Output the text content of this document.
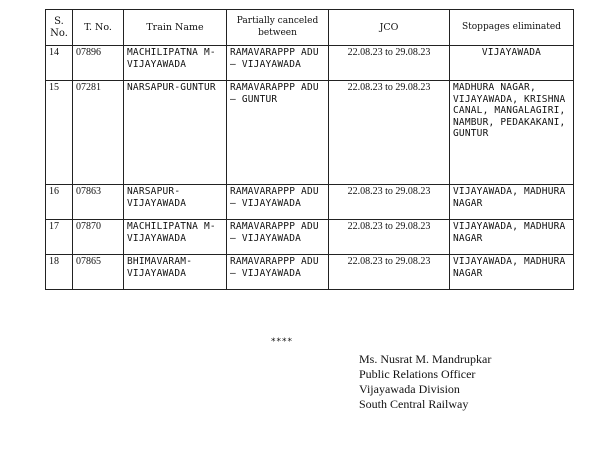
S. No.	T. No.	Train Name	Partially canceled between	JCO	Stoppages eliminated
14	07896	MACHILIPATNA M-VIJAYAWADA	RAMAVARAPPP ADU – VIJAYAWADA	22.08.23 to 29.08.23	VIJAYAWADA
15	07281	NARSAPUR-GUNTUR	RAMAVARAPPP ADU – GUNTUR	22.08.23 to 29.08.23	MADHURA NAGAR, VIJAYAWADA, KRISHNA CANAL, MANGALAGIRI, NAMBUR, PEDAKAKANI, GUNTUR
16	07863	NARSAPUR-VIJAYAWADA	RAMAVARAPPP ADU – VIJAYAWADA	22.08.23 to 29.08.23	VIJAYAWADA, MADHURA NAGAR
17	07870	MACHILIPATNA M-VIJAYAWADA	RAMAVARAPPP ADU – VIJAYAWADA	22.08.23 to 29.08.23	VIJAYAWADA, MADHURA NAGAR
18	07865	BHIMAVARAM-VIJAYAWADA	RAMAVARAPPP ADU – VIJAYAWADA	22.08.23 to 29.08.23	VIJAYAWADA, MADHURA NAGAR
****
Ms. Nusrat M. Mandrupkar
Public Relations Officer
Vijayawada Division
South Central Railway
